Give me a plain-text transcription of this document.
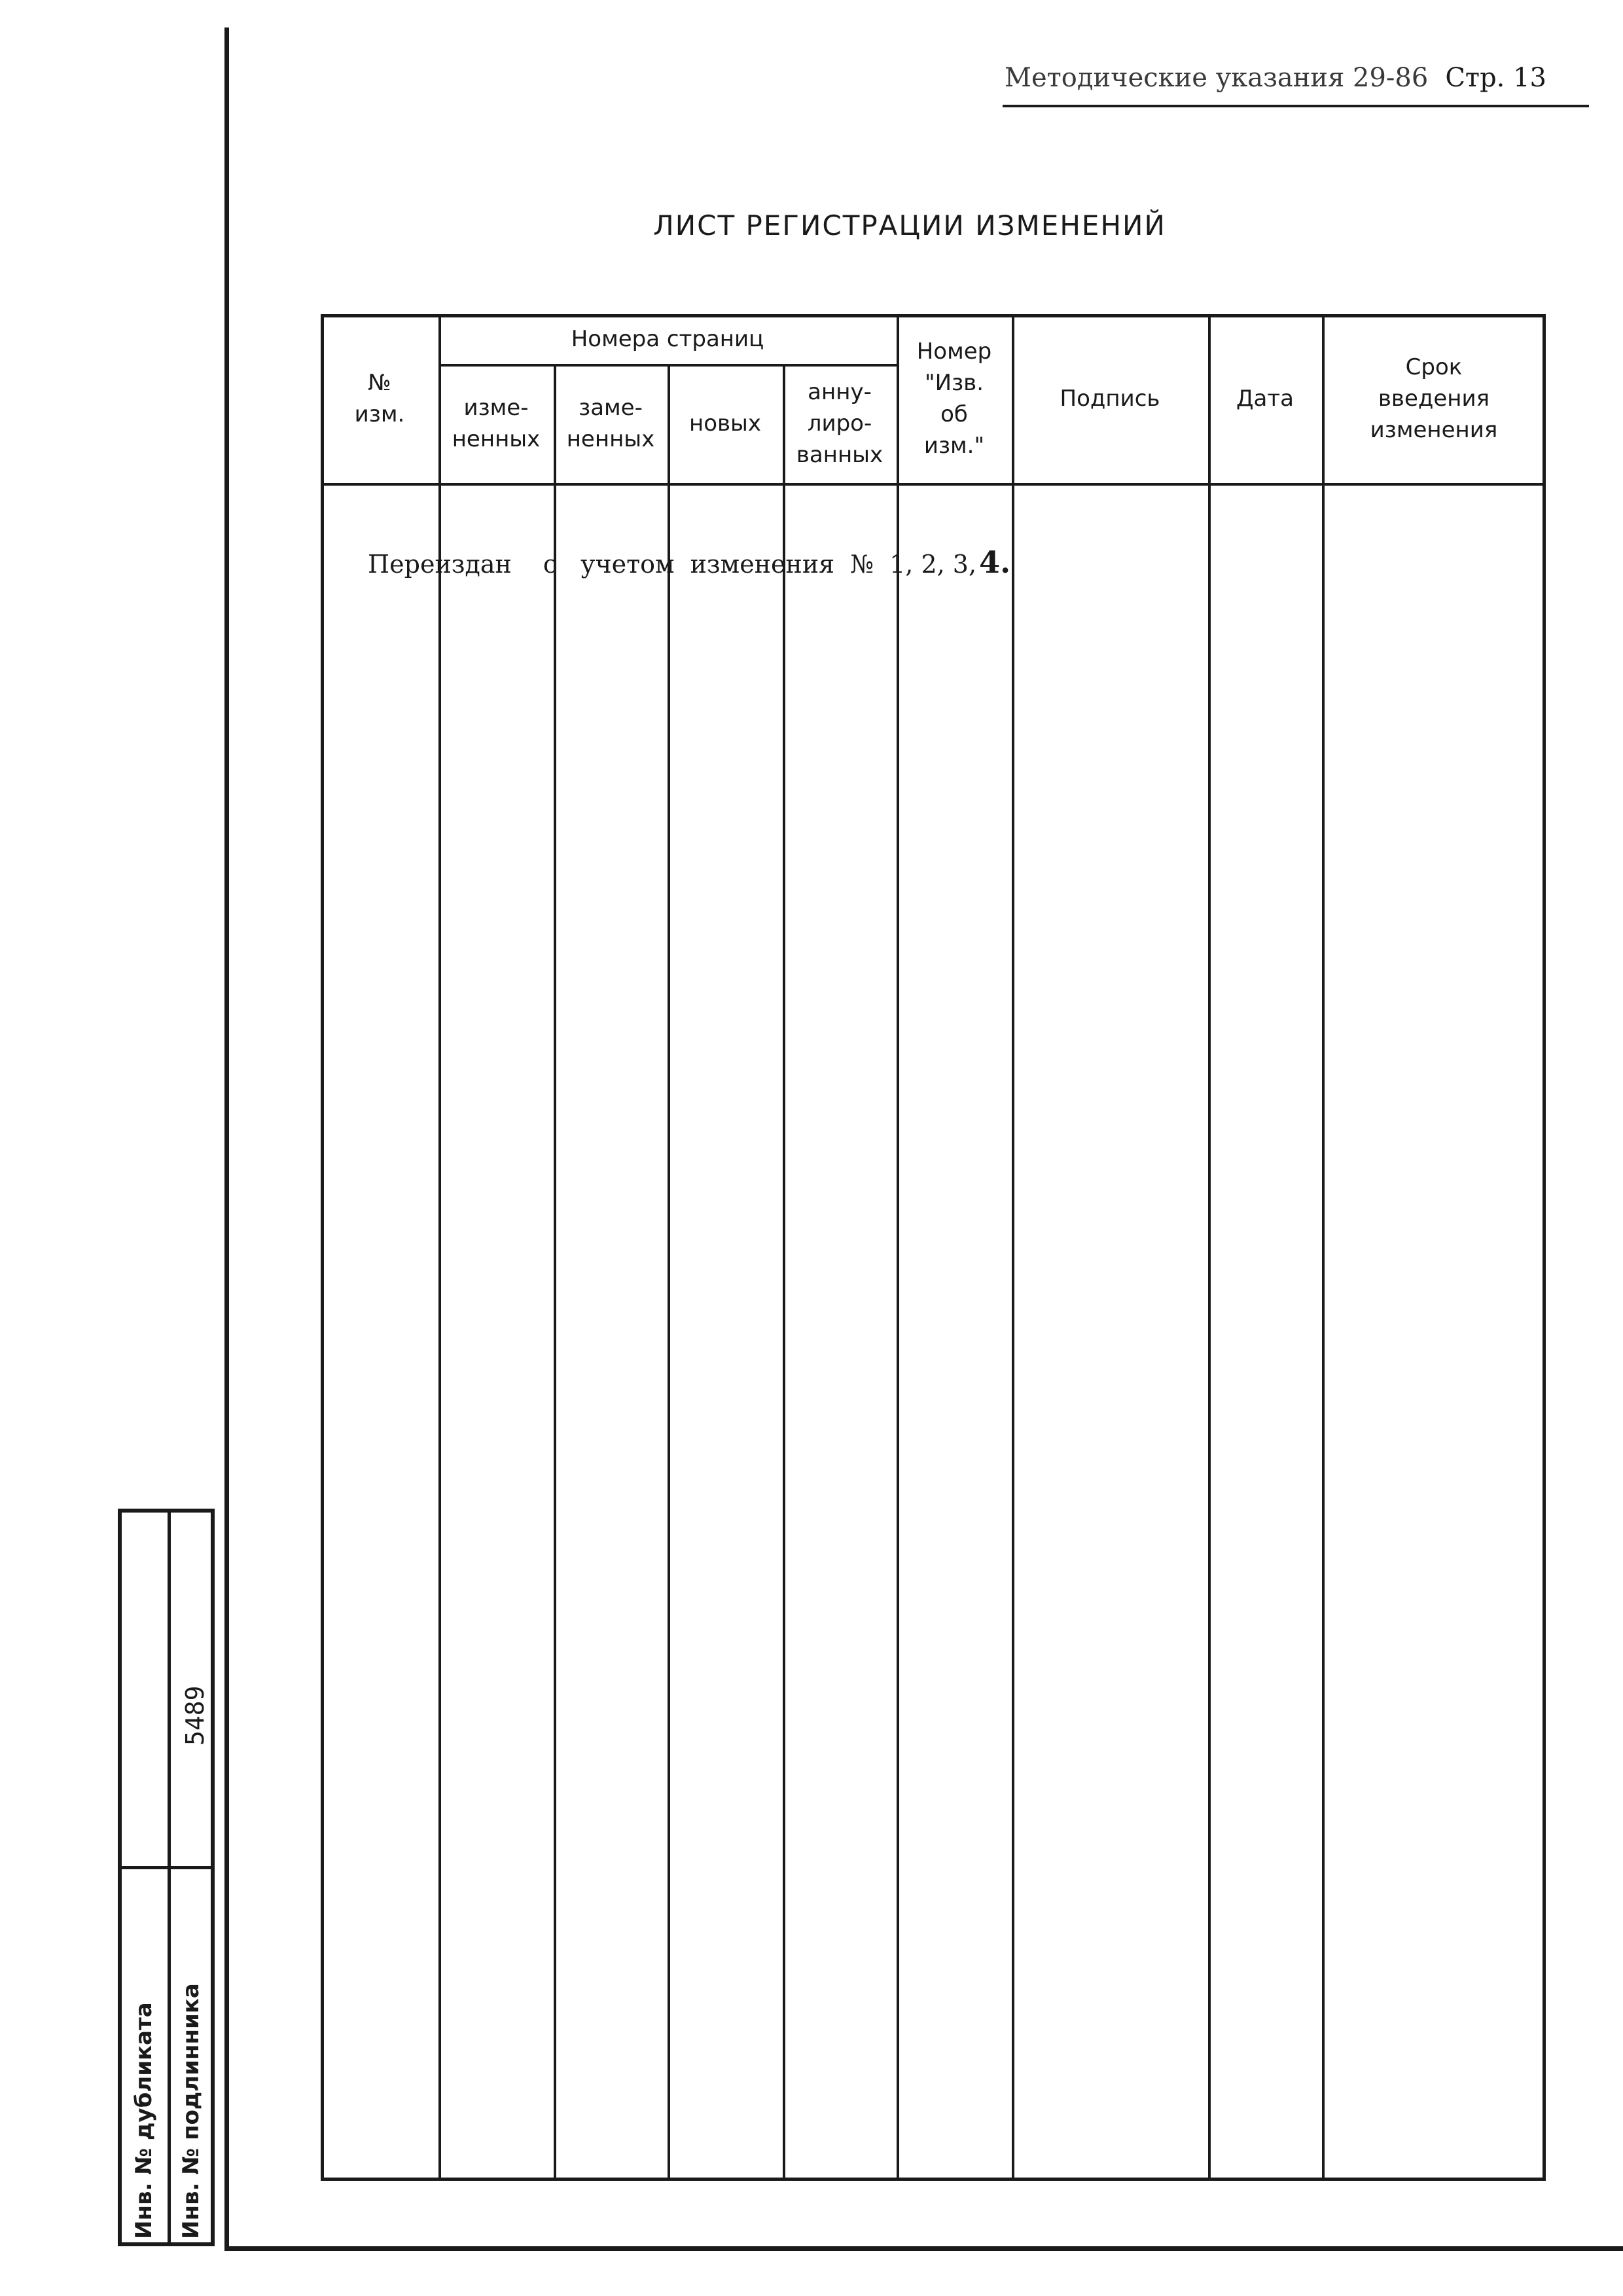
Методические указания 29-86 Стр. 13
ЛИСТ РЕГИСТРАЦИИ ИЗМЕНЕНИЙ
№
изм.
Номера страниц
изме-
ненных
заме-
ненных
новых
анну-
лиро-
ванных
Номер
"Изв.
об
изм."
Подпись	Дата
Срок
введения
изменения
Переиздан с учетом изменения № 1, 2, 3,4.
Инв. № дубликата Инв. № подлинника
5489
